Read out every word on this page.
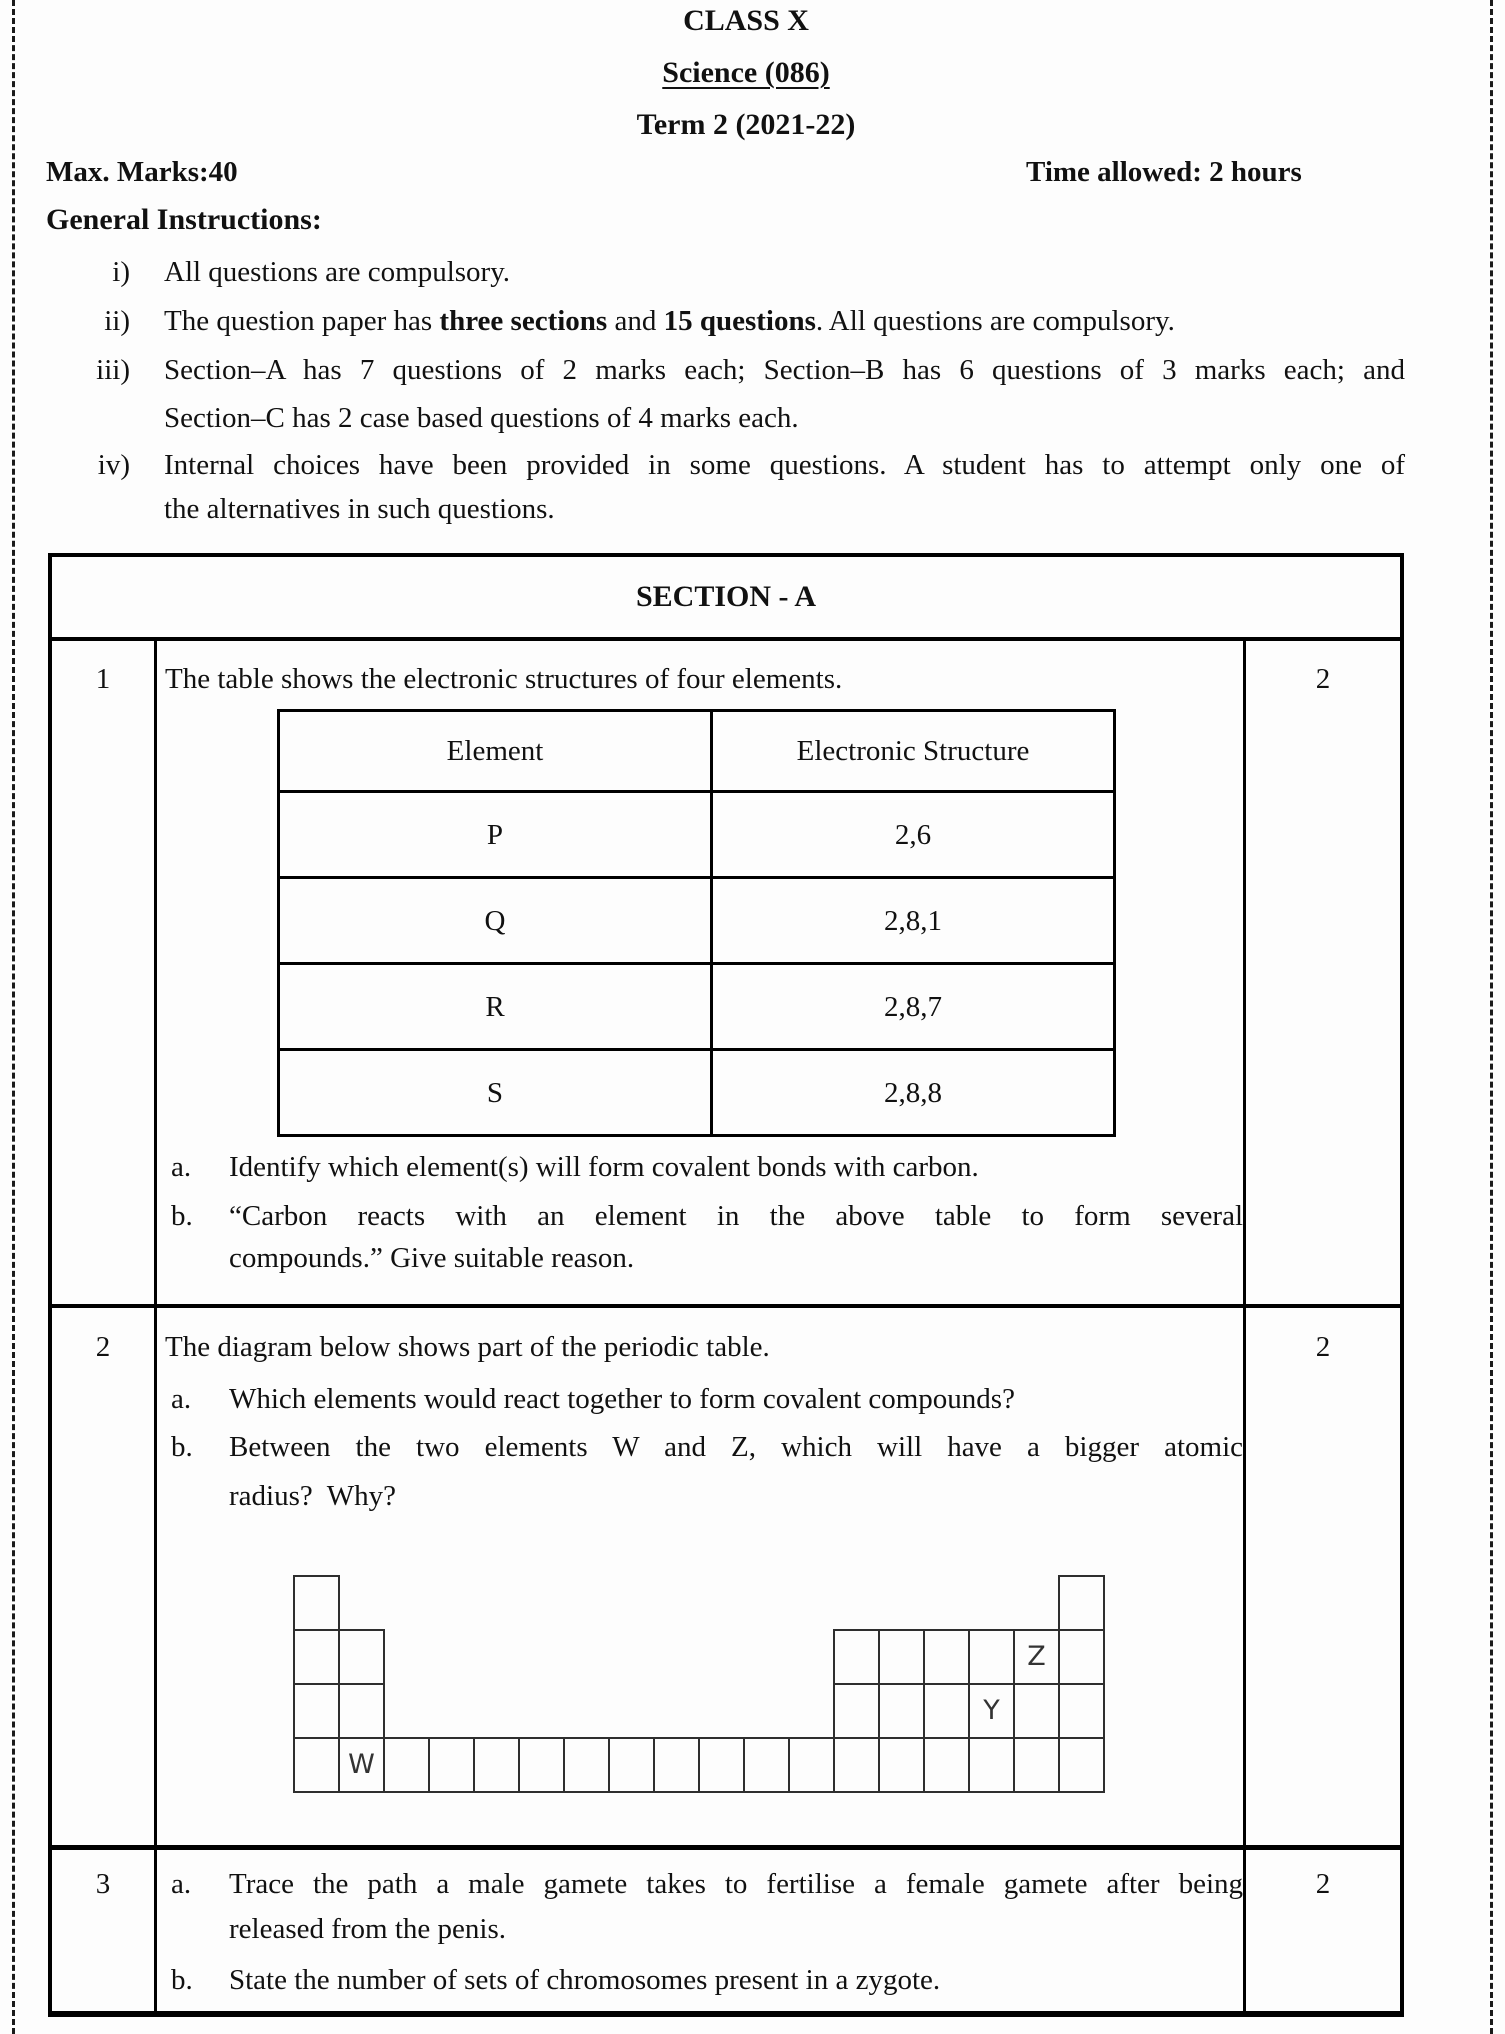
CLASS X
Science (086)
Term 2 (2021-22)
Max. Marks:40	Time allowed: 2 hours
General Instructions:
i) All questions are compulsory.
ii) The question paper has three sections and 15 questions. All questions are compulsory.
iii) Section–A has 7 questions of 2 marks each; Section–B has 6 questions of 3 marks each; and
Section–C has 2 case based questions of 4 marks each.
iv) Internal choices have been provided in some questions. A student has to attempt only one of
the alternatives in such questions.
SECTION - A
1	The table shows the electronic structures of four elements.
Element	Electronic Structure
P	2,6
Q	2,8,1
R	2,8,7
S	2,8,8
a. Identify which element(s) will form covalent bonds with carbon.
b. “Carbon reacts with an element in the above table to form several
compounds.” Give suitable reason.
2
2	The diagram below shows part of the periodic table.
a. Which elements would react together to form covalent compounds?
b. Between the two elements W and Z, which will have a bigger atomic
radius?  Why?
Z
Y
W
2
3	a. Trace the path a male gamete takes to fertilise a female gamete after being
released from the penis.
b. State the number of sets of chromosomes present in a zygote.
2
